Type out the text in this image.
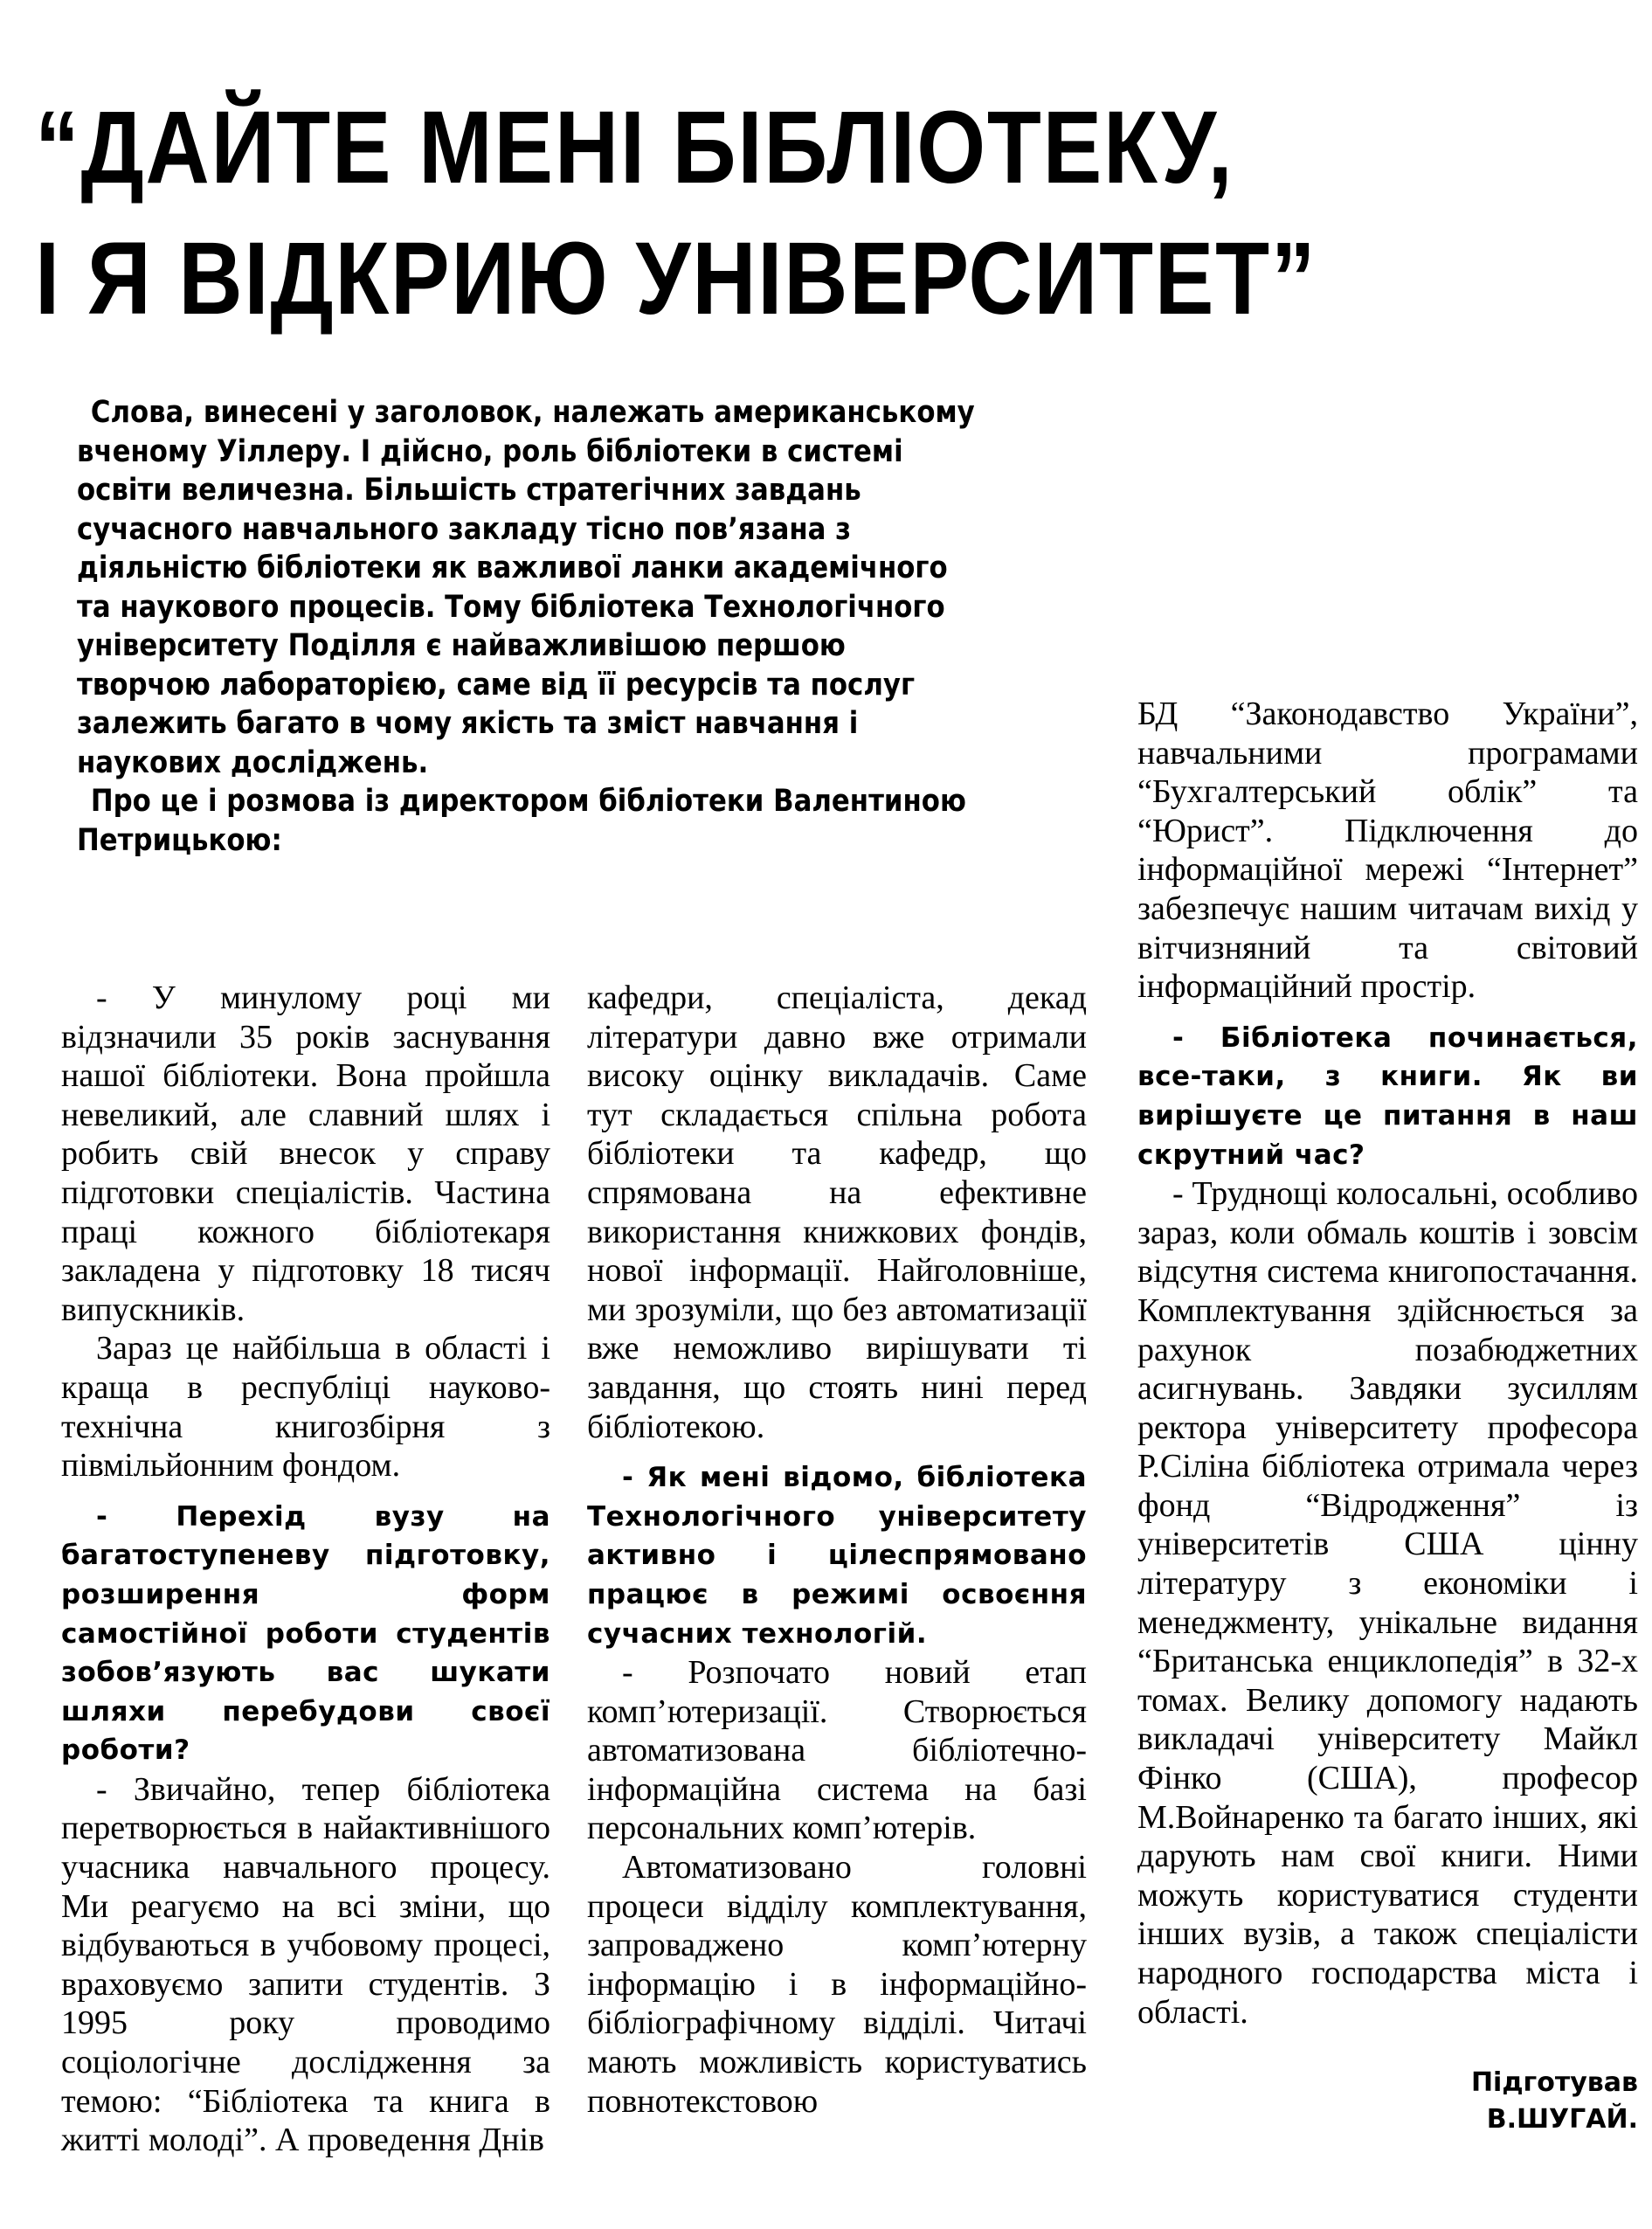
“ДАЙТЕ МЕНІ БІБЛІОТЕКУ,
І Я ВІДКРИЮ УНІВЕРСИТЕТ”

Слова, винесені у заголовок, належать американському вченому Уіллеру. І дійсно, роль бібліотеки в системі освіти величезна. Більшість стратегічних завдань сучасного навчального закладу тісно пов’язана з діяльністю бібліотеки як важливої ланки академічного та наукового процесів. Тому бібліотека Технологічного університету Поділля є найважливішою першою творчою лабораторією, саме від її ресурсів та послуг залежить багато в чому якість та зміст навчання і наукових досліджень.

Про це і розмова із директором бібліотеки Валентиною Петрицькою:

- У минулому році ми відзначили 35 років заснування нашої бібліотеки. Вона пройшла невеликий, але славний шлях і робить свій внесок у справу підготовки спеціалістів. Частина праці кожного бібліотекаря закладена у підготовку 18 тисяч випускників.

Зараз це найбільша в області і краща в республіці науково-технічна книгозбірня з півмільйонним фондом.

- Перехід вузу на багатоступеневу підготовку, розширення форм самостійної роботи студентів зобов’язують вас шукати шляхи перебудови своєї роботи?

- Звичайно, тепер бібліотека перетворюється в найактивнішого учасника навчального процесу. Ми реагуємо на всі зміни, що відбуваються в учбовому процесі, враховуємо запити студентів. З 1995 року проводимо соціологічне дослідження за темою: “Бібліотека та книга в житті молоді”. А проведення Днів

кафедри, спеціаліста, декад літератури давно вже отримали високу оцінку викладачів. Саме тут складається спільна робота бібліотеки та кафедр, що спрямована на ефективне використання книжкових фондів, нової інформації. Найголовніше, ми зрозуміли, що без автоматизації вже неможливо вирішувати ті завдання, що стоять нині перед бібліотекою.

- Як мені відомо, бібліотека Технологічного університету активно і цілеспрямовано працює в режимі освоєння сучасних технологій.

- Розпочато новий етап комп’ютеризації. Створюється автоматизована бібліотечно-інформаційна система на базі персональних комп’ютерів.

Автоматизовано головні процеси відділу комплектування, запроваджено комп’ютерну інформацію і в інформаційно-бібліографічному відділі. Читачі мають можливість користуватись повнотекстовою

БД “Законодавство України”, навчальними програмами “Бухгалтерський облік” та “Юрист”. Підключення до інформаційної мережі “Інтернет” забезпечує нашим читачам вихід у вітчизняний та світовий інформаційний простір.

- Бібліотека починається, все-таки, з книги. Як ви вирішуєте це питання в наш скрутний час?

- Труднощі колосальні, особливо зараз, коли обмаль коштів і зовсім відсутня система книгопостачання. Комплектування здійснюється за рахунок позабюджетних асигнувань. Завдяки зусиллям ректора університету професора Р.Сіліна бібліотека отримала через фонд “Відродження” із університетів США цінну літературу з економіки і менеджменту, унікальне видання “Британська енциклопедія” в 32-х томах. Велику допомогу надають викладачі університету Майкл Фінко (США), професор М.Войнаренко та багато інших, які дарують нам свої книги. Ними можуть користуватися студенти інших вузів, а також спеціалісти народного господарства міста і області.

Підготував
В.ШУГАЙ.
